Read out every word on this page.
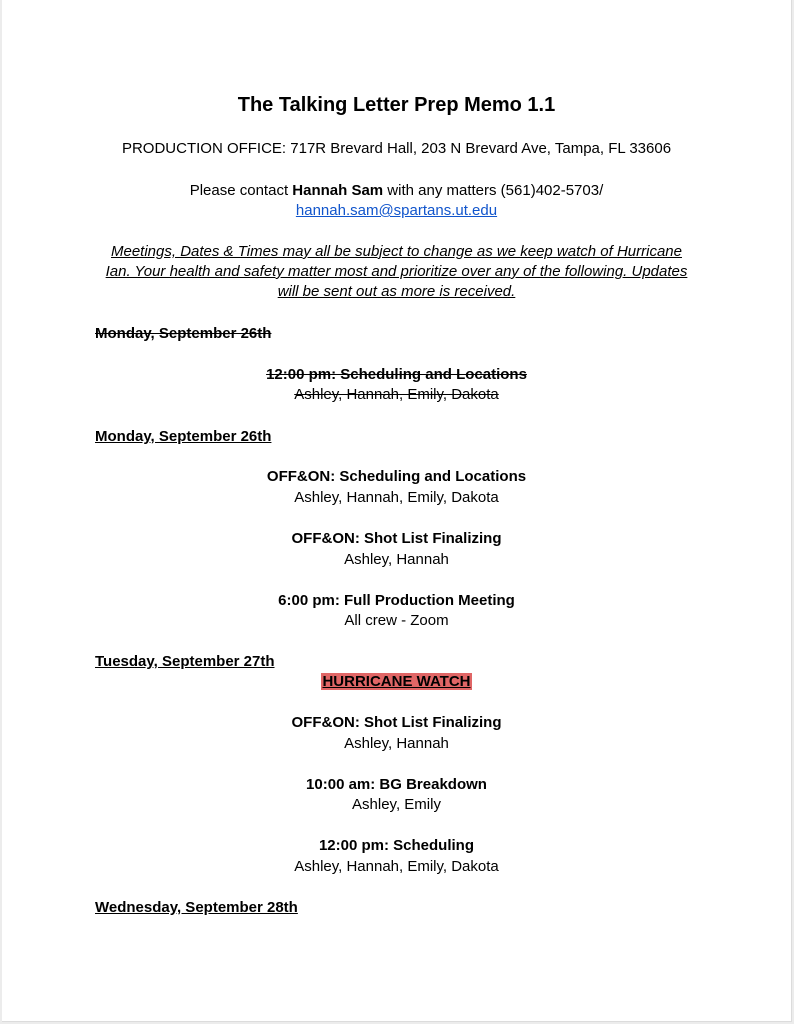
The Talking Letter Prep Memo 1.1
PRODUCTION OFFICE: 717R Brevard Hall, 203 N Brevard Ave, Tampa, FL 33606
Please contact Hannah Sam with any matters (561)402-5703/
hannah.sam@spartans.ut.edu
Meetings, Dates & Times may all be subject to change as we keep watch of Hurricane
Ian. Your health and safety matter most and prioritize over any of the following. Updates
will be sent out as more is received.
Monday, September 26th
12:00 pm: Scheduling and Locations
Ashley, Hannah, Emily, Dakota
Monday, September 26th
OFF&ON: Scheduling and Locations
Ashley, Hannah, Emily, Dakota
OFF&ON: Shot List Finalizing
Ashley, Hannah
6:00 pm: Full Production Meeting
All crew - Zoom
Tuesday, September 27th
HURRICANE WATCH
OFF&ON: Shot List Finalizing
Ashley, Hannah
10:00 am: BG Breakdown
Ashley, Emily
12:00 pm: Scheduling
Ashley, Hannah, Emily, Dakota
Wednesday, September 28th
